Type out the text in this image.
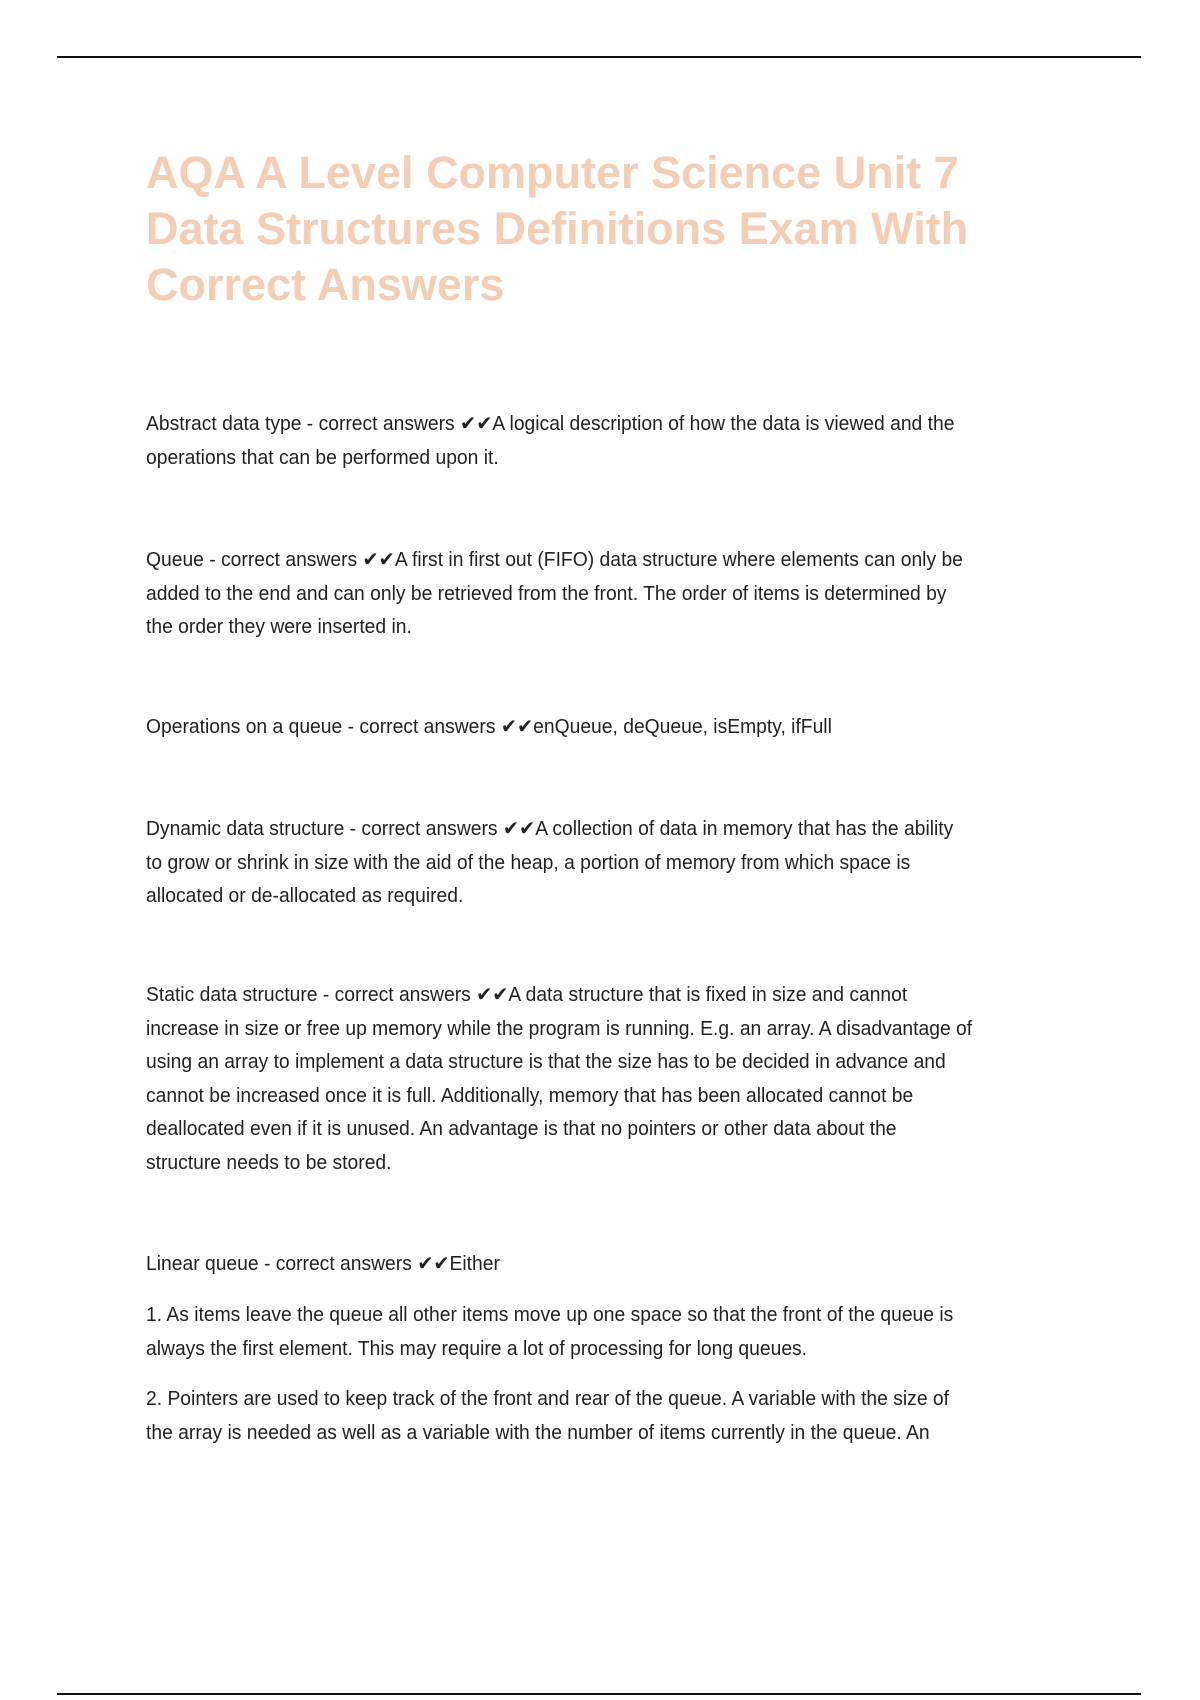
AQA A Level Computer Science Unit 7
Data Structures Definitions Exam With
Correct Answers
Abstract data type - correct answers ✔✔A logical description of how the data is viewed and the
operations that can be performed upon it.
Queue - correct answers ✔✔A first in first out (FIFO) data structure where elements can only be
added to the end and can only be retrieved from the front. The order of items is determined by
the order they were inserted in.
Operations on a queue - correct answers ✔✔enQueue, deQueue, isEmpty, ifFull
Dynamic data structure - correct answers ✔✔A collection of data in memory that has the ability
to grow or shrink in size with the aid of the heap, a portion of memory from which space is
allocated or de-allocated as required.
Static data structure - correct answers ✔✔A data structure that is fixed in size and cannot
increase in size or free up memory while the program is running. E.g. an array. A disadvantage of
using an array to implement a data structure is that the size has to be decided in advance and
cannot be increased once it is full. Additionally, memory that has been allocated cannot be
deallocated even if it is unused. An advantage is that no pointers or other data about the
structure needs to be stored.
Linear queue - correct answers ✔✔Either
1. As items leave the queue all other items move up one space so that the front of the queue is
always the first element. This may require a lot of processing for long queues.
2. Pointers are used to keep track of the front and rear of the queue. A variable with the size of
the array is needed as well as a variable with the number of items currently in the queue. An
